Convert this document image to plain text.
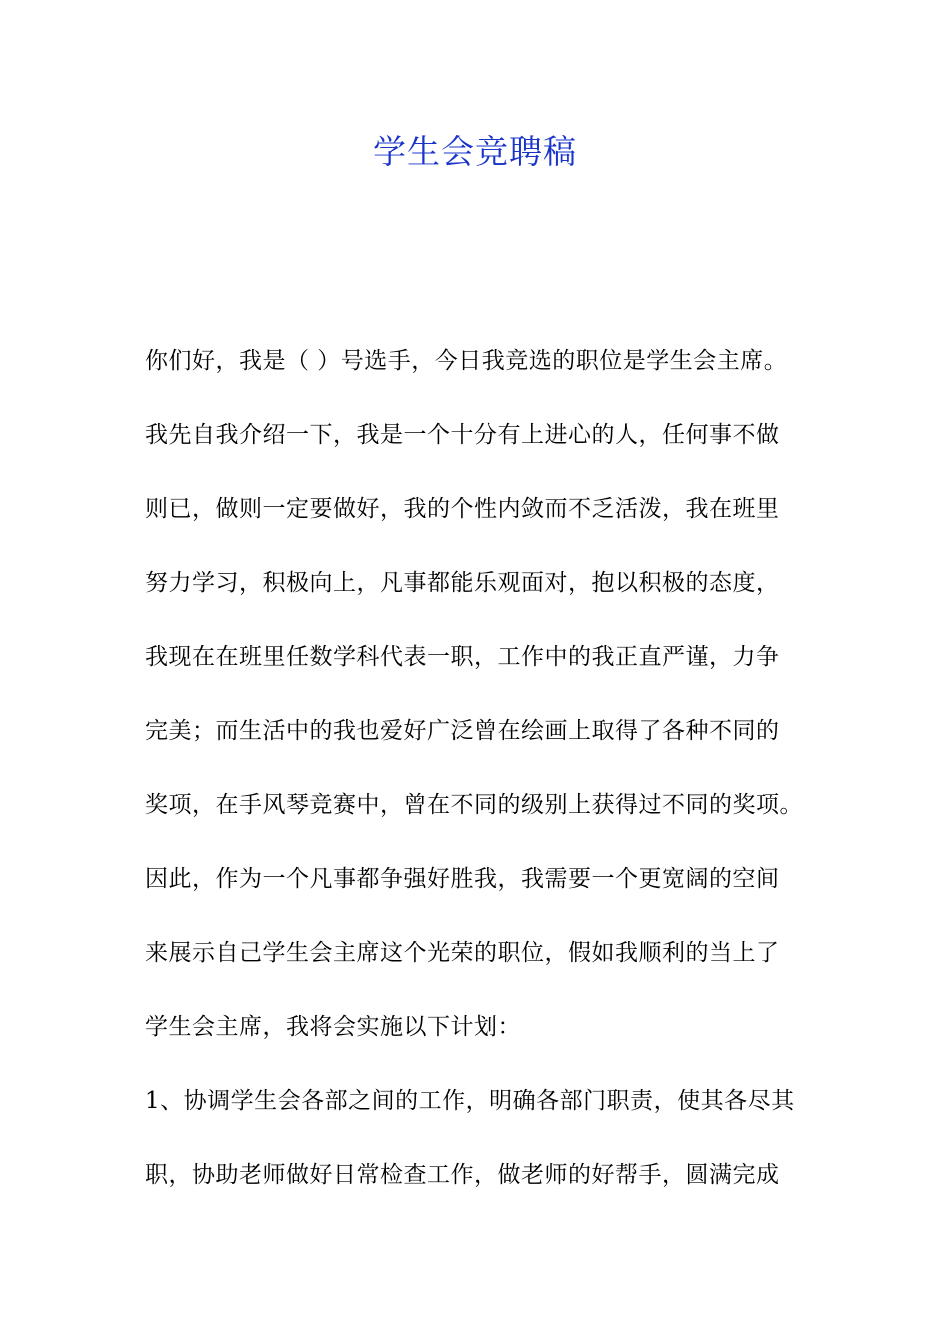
学生会竞聘稿
你们好，我是（ ）号选手，今日我竞选的职位是学生会主席。
我先自我介绍一下，我是一个十分有上进心的人，任何事不做
则已，做则一定要做好，我的个性内敛而不乏活泼，我在班里
努力学习，积极向上，凡事都能乐观面对，抱以积极的态度，
我现在在班里任数学科代表一职，工作中的我正直严谨，力争
完美；而生活中的我也爱好广泛曾在绘画上取得了各种不同的
奖项，在手风琴竞赛中，曾在不同的级别上获得过不同的奖项。
因此，作为一个凡事都争强好胜我，我需要一个更宽阔的空间
来展示自己学生会主席这个光荣的职位，假如我顺利的当上了
学生会主席，我将会实施以下计划：
1、协调学生会各部之间的工作，明确各部门职责，使其各尽其
职，协助老师做好日常检查工作，做老师的好帮手，圆满完成
